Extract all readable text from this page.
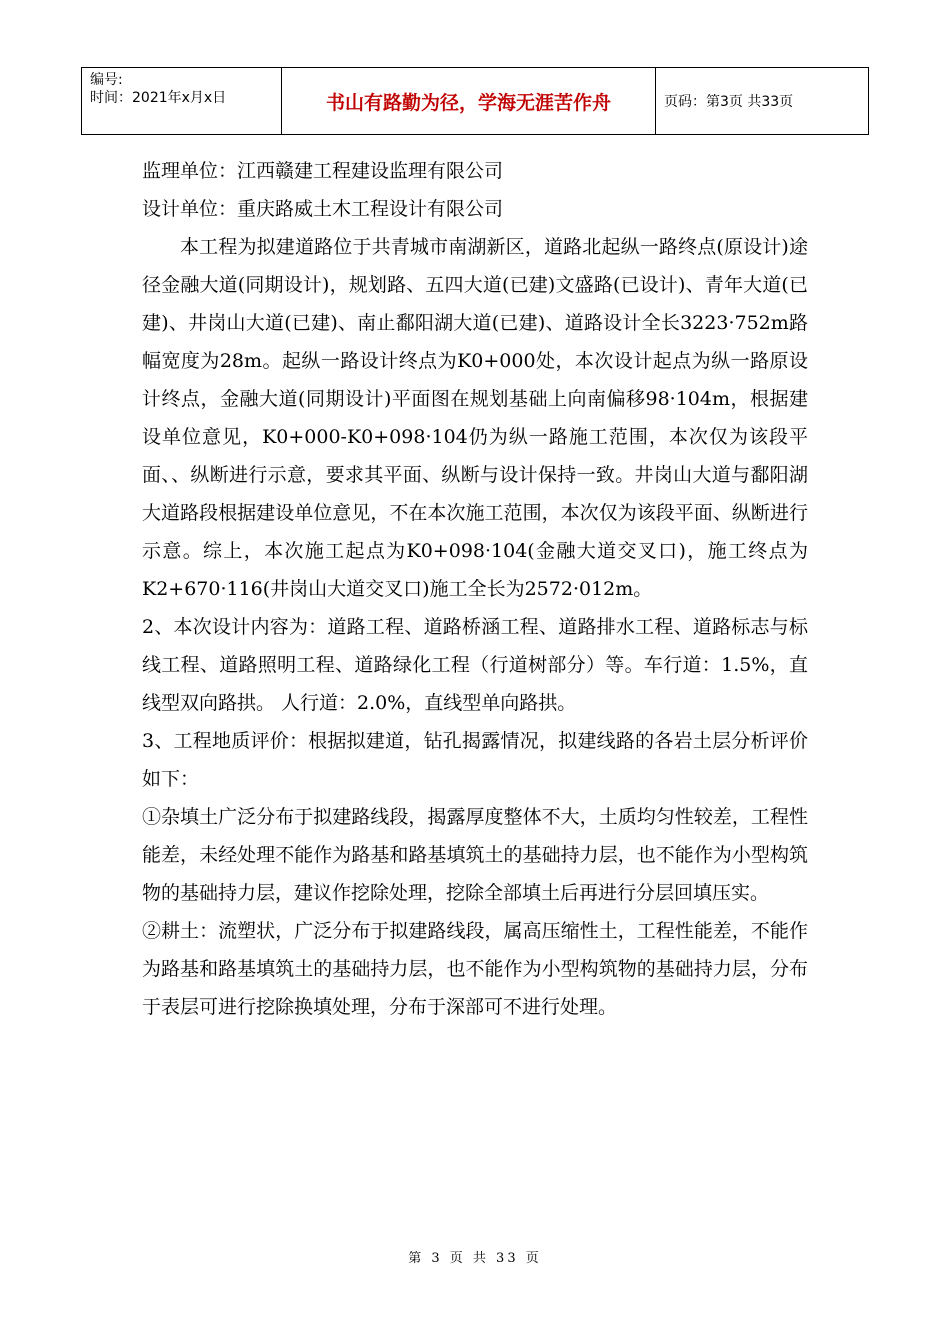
编号:
时间：2021年x月x日	书山有路勤为径，学海无涯苦作舟	页码：第3页 共33页

监理单位：江西赣建工程建设监理有限公司

设计单位：重庆路威土木工程设计有限公司

本工程为拟建道路位于共青城市南湖新区，道路北起纵一路终点(原设计)途径金融大道(同期设计)，规划路、五四大道(已建)文盛路(已设计)、青年大道(已建)、井岗山大道(已建)、南止鄱阳湖大道(已建)、道路设计全长3223·752m路幅宽度为28m。起纵一路设计终点为K0+000处，本次设计起点为纵一路原设计终点，金融大道(同期设计)平面图在规划基础上向南偏移98·104m，根据建设单位意见，K0+000-K0+098·104仍为纵一路施工范围，本次仅为该段平面、、纵断进行示意，要求其平面、纵断与设计保持一致。井岗山大道与鄱阳湖大道路段根据建设单位意见，不在本次施工范围，本次仅为该段平面、纵断进行示意。综上，本次施工起点为K0+098·104(金融大道交叉口)，施工终点为K2+670·116(井岗山大道交叉口)施工全长为2572·012m。

2、本次设计内容为：道路工程、道路桥涵工程、道路排水工程、道路标志与标线工程、道路照明工程、道路绿化工程（行道树部分）等。车行道：1.5%，直线型双向路拱。 人行道：2.0%，直线型单向路拱。

3、工程地质评价：根据拟建道，钻孔揭露情况，拟建线路的各岩土层分析评价如下：

①杂填土广泛分布于拟建路线段，揭露厚度整体不大，土质均匀性较差，工程性能差，未经处理不能作为路基和路基填筑土的基础持力层，也不能作为小型构筑物的基础持力层，建议作挖除处理，挖除全部填土后再进行分层回填压实。

②耕土：流塑状，广泛分布于拟建路线段，属高压缩性土，工程性能差，不能作为路基和路基填筑土的基础持力层，也不能作为小型构筑物的基础持力层，分布于表层可进行挖除换填处理，分布于深部可不进行处理。

第 3 页 共 33 页
